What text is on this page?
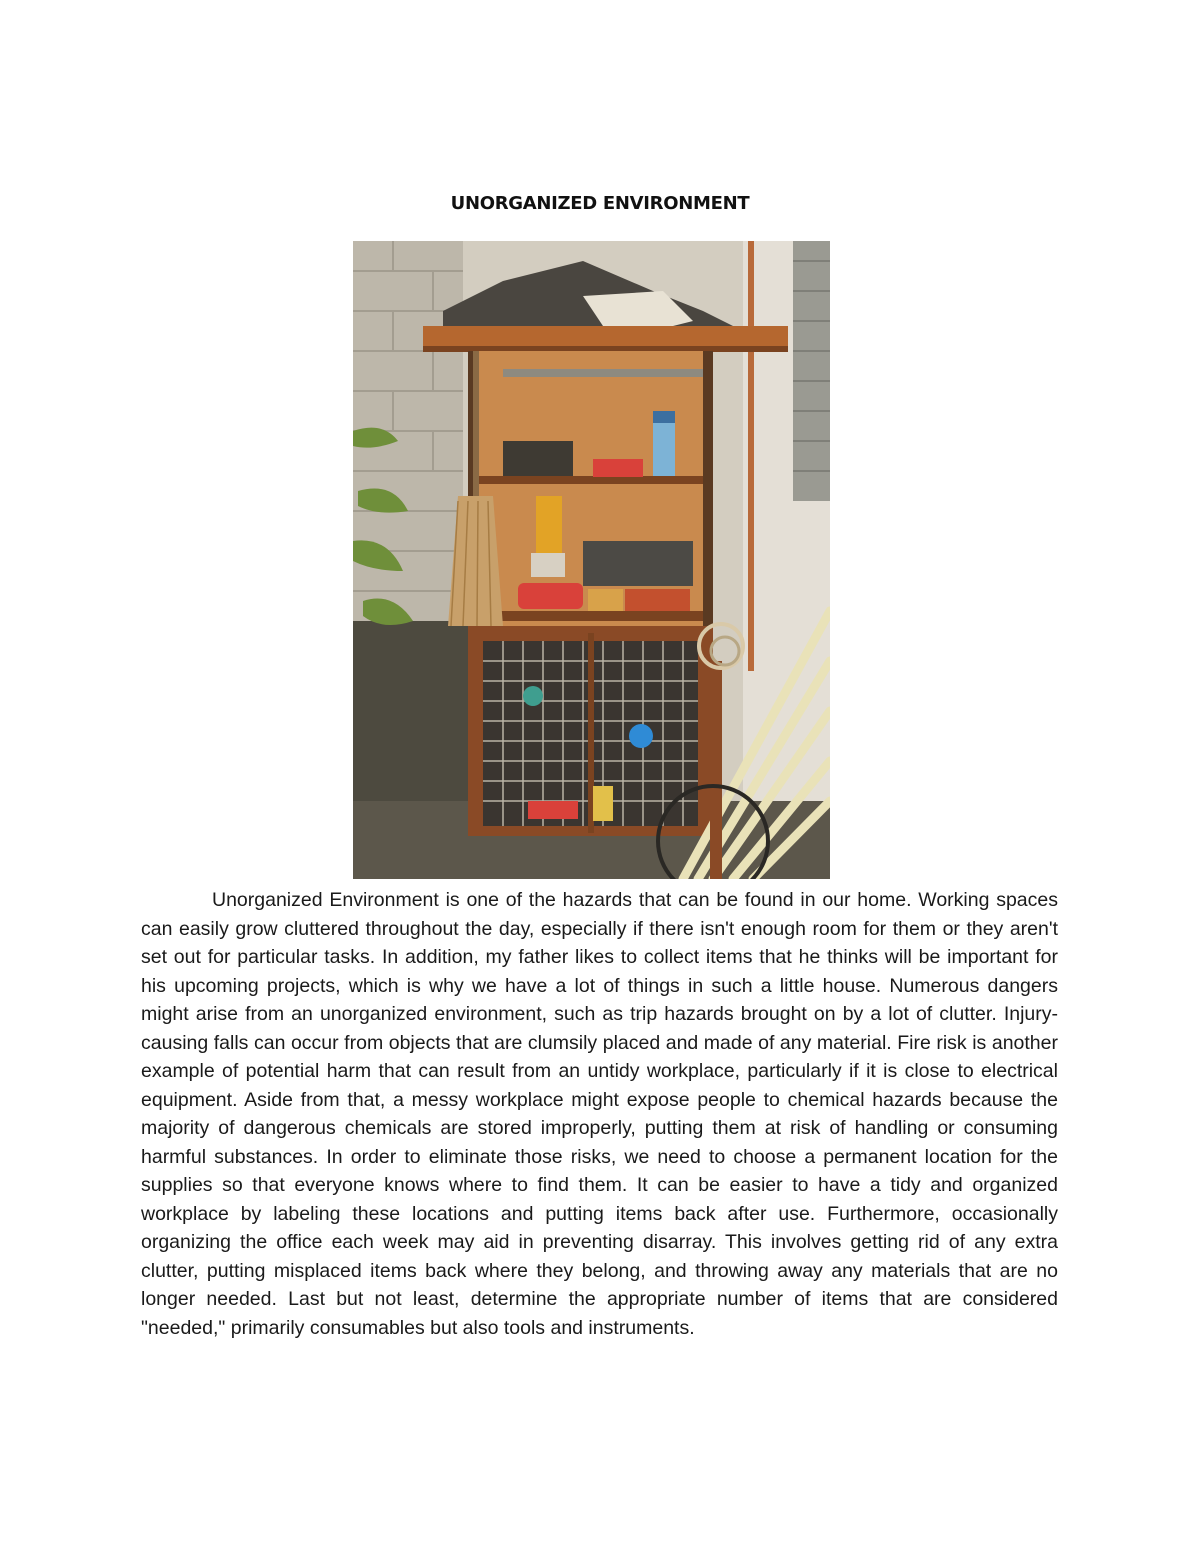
UNORGANIZED ENVIRONMENT

Unorganized Environment is one of the hazards that can be found in our home. Working spaces can easily grow cluttered throughout the day, especially if there isn't enough room for them or they aren't set out for particular tasks. In addition, my father likes to collect items that he thinks will be important for his upcoming projects, which is why we have a lot of things in such a little house. Numerous dangers might arise from an unorganized environment, such as trip hazards brought on by a lot of clutter. Injury-causing falls can occur from objects that are clumsily placed and made of any material. Fire risk is another example of potential harm that can result from an untidy workplace, particularly if it is close to electrical equipment. Aside from that, a messy workplace might expose people to chemical hazards because the majority of dangerous chemicals are stored improperly, putting them at risk of handling or consuming harmful substances. In order to eliminate those risks, we need to choose a permanent location for the supplies so that everyone knows where to find them. It can be easier to have a tidy and organized workplace by labeling these locations and putting items back after use. Furthermore, occasionally organizing the office each week may aid in preventing disarray. This involves getting rid of any extra clutter, putting misplaced items back where they belong, and throwing away any materials that are no longer needed. Last but not least, determine the appropriate number of items that are considered "needed," primarily consumables but also tools and instruments.
